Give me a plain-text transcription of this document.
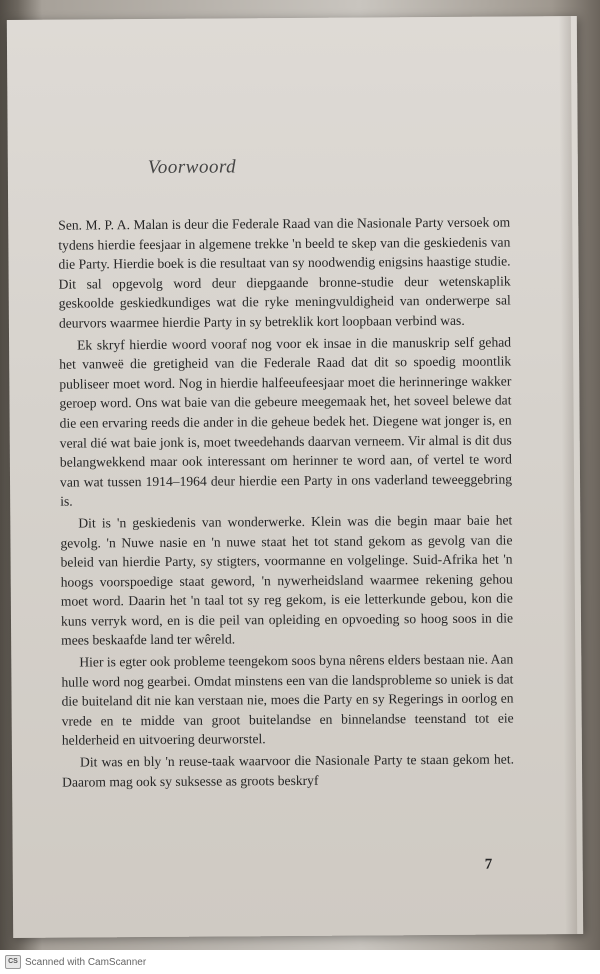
Voorwoord

Sen. M. P. A. Malan is deur die Federale Raad van die Nasionale Party versoek om tydens hierdie feesjaar in algemene trekke 'n beeld te skep van die geskiedenis van die Party. Hierdie boek is die resultaat van sy noodwendig enigsins haastige studie. Dit sal opgevolg word deur diepgaande bronne-studie deur wetenskaplik geskoolde geskiedkundiges wat die ryke meningvuldigheid van onderwerpe sal deurvors waarmee hierdie Party in sy betreklik kort loopbaan verbind was.

Ek skryf hierdie woord vooraf nog voor ek insae in die manuskrip self gehad het vanweë die gretigheid van die Federale Raad dat dit so spoedig moontlik publiseer moet word. Nog in hierdie halfeeufeesjaar moet die herinneringe wakker geroep word. Ons wat baie van die gebeure meegemaak het, het soveel belewe dat die een ervaring reeds die ander in die geheue bedek het. Diegene wat jonger is, en veral dié wat baie jonk is, moet tweedehands daarvan verneem. Vir almal is dit dus belangwekkend maar ook interessant om herinner te word aan, of vertel te word van wat tussen 1914–1964 deur hierdie een Party in ons vaderland teweeggebring is.

Dit is 'n geskiedenis van wonderwerke. Klein was die begin maar baie het gevolg. 'n Nuwe nasie en 'n nuwe staat het tot stand gekom as gevolg van die beleid van hierdie Party, sy stigters, voormanne en volgelinge. Suid-Afrika het 'n hoogs voorspoedige staat geword, 'n nywerheidsland waarmee rekening gehou moet word. Daarin het 'n taal tot sy reg gekom, is eie letterkunde gebou, kon die kuns verryk word, en is die peil van opleiding en opvoeding so hoog soos in die mees beskaafde land ter wêreld.

Hier is egter ook probleme teengekom soos byna nêrens elders bestaan nie. Aan hulle word nog gearbei. Omdat minstens een van die landsprobleme so uniek is dat die buiteland dit nie kan verstaan nie, moes die Party en sy Regerings in oorlog en vrede en te midde van groot buitelandse en binnelandse teenstand tot eie helderheid en uitvoering deurworstel.

Dit was en bly 'n reuse-taak waarvoor die Nasionale Party te staan gekom het. Daarom mag ook sy suksesse as groots beskryf

7
CS Scanned with CamScanner
